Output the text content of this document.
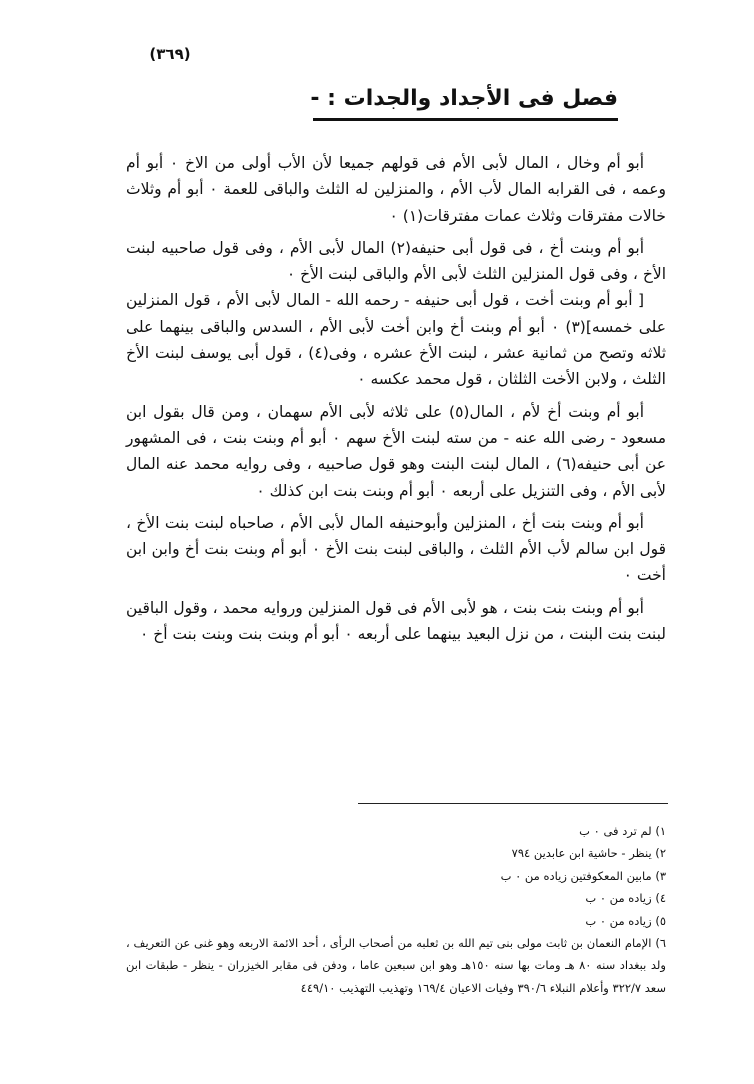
(٣٦٩)
فصل فى الأجداد والجدات : -

أبو أم وخال ، المال لأبى الأم فى قولهم جميعا لأن الأب أولى من الاخ ٠ أبو أم وعمه ، فى القرابه المال لأب الأم ، والمنزلين له الثلث والباقى للعمة ٠ أبو أم وثلاث خالات مفترقات وثلاث عمات مفترقات(١) ٠

أبو أم وبنت أخ ، فى قول أبى حنيفه(٢) المال لأبى الأم ، وفى قول صاحبيه لبنت الأخ ، وفى قول المنزلين الثلث لأبى الأم والباقى لبنت الأخ ٠

[ أبو أم وبنت أخت ، قول أبى حنيفه - رحمه الله - المال لأبى الأم ، قول المنزلين على خمسه](٣) ٠ أبو أم وبنت أخ وابن أخت لأبى الأم ، السدس والباقى بينهما على ثلاثه وتصح من ثمانية عشر ، لبنت الأخ عشره ، وفى(٤) ، قول أبى يوسف لبنت الأخ الثلث ، ولابن الأخت الثلثان ، قول محمد عكسه ٠

أبو أم وبنت أخ لأم ، المال(٥) على ثلاثه لأبى الأم سهمان ، ومن قال بقول ابن مسعود - رضى الله عنه - من سته لبنت الأخ سهم ٠ أبو أم وبنت بنت ، فى المشهور عن أبى حنيفه(٦) ، المال لبنت البنت وهو قول صاحبيه ، وفى روايه محمد عنه المال لأبى الأم ، وفى التنزيل على أربعه ٠ أبو أم وبنت بنت ابن كذلك ٠

أبو أم وبنت بنت أخ ، المنزلين وأبوحنيفه المال لأبى الأم ، صاحباه لبنت بنت الأخ ، قول ابن سالم لأب الأم الثلث ، والباقى لبنت بنت الأخ ٠ أبو أم وبنت بنت أخ وابن ابن أخت ٠

أبو أم وبنت بنت بنت ، هو لأبى الأم فى قول المنزلين وروايه محمد ، وقول الباقين لبنت بنت البنت ، من نزل البعيد بينهما على أربعه ٠ أبو أم وبنت بنت وبنت بنت أخ ٠

١) لم ترد فى ٠ ب

٢) ينظر - حاشية ابن عابدين ٧٩٤

٣) مابين المعكوفتين زياده من ٠ ب

٤) زياده من ٠ ب

٥) زياده من ٠ ب

٦) الإمام النعمان بن ثابت مولى بنى تيم الله بن ثعلبه من أصحاب الرأى ، أحد الائمة الاربعه وهو غنى عن التعريف ، ولد ببغداد سنه ٨٠ هـ ومات بها سنه ١٥٠هـ وهو ابن سبعين عاما ، ودفن فى مقابر الخيزران - ينظر - طبقات ابن سعد ٣٢٢/٧ وأعلام النبلاء ٣٩٠/٦ وفيات الاعيان ١٦٩/٤ وتهذيب التهذيب ٤٤٩/١٠
